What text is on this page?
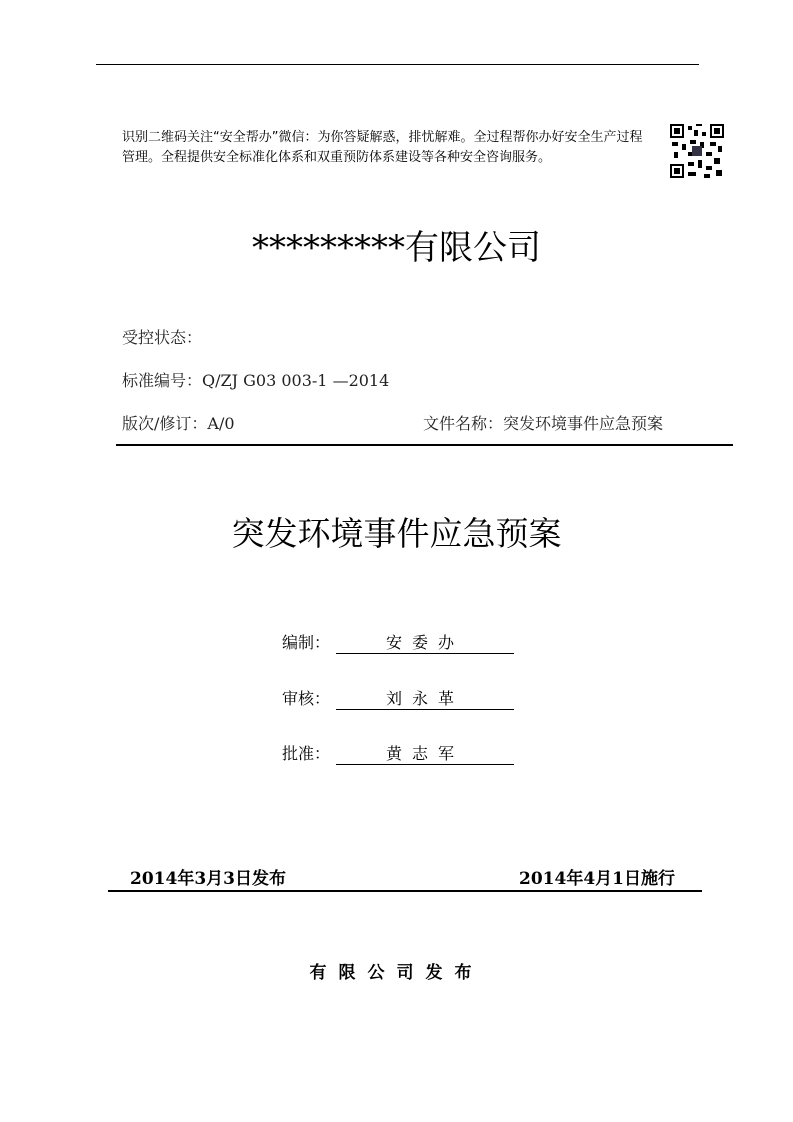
识别二维码关注“安全帮办”微信：为你答疑解惑，排忧解难。全过程帮你办好安全生产过程管理。全程提供安全标准化体系和双重预防体系建设等各种安全咨询服务。
*********有限公司
受控状态：
标准编号：Q/ZJ G03 003-1 —2014
版次/修订：A/0	文件名称：突发环境事件应急预案
突发环境事件应急预案
编制：	安委办
审核：	刘永革
批准：	黄志军
2014年3月3日发布	2014年4月1日施行
有限公司发布
